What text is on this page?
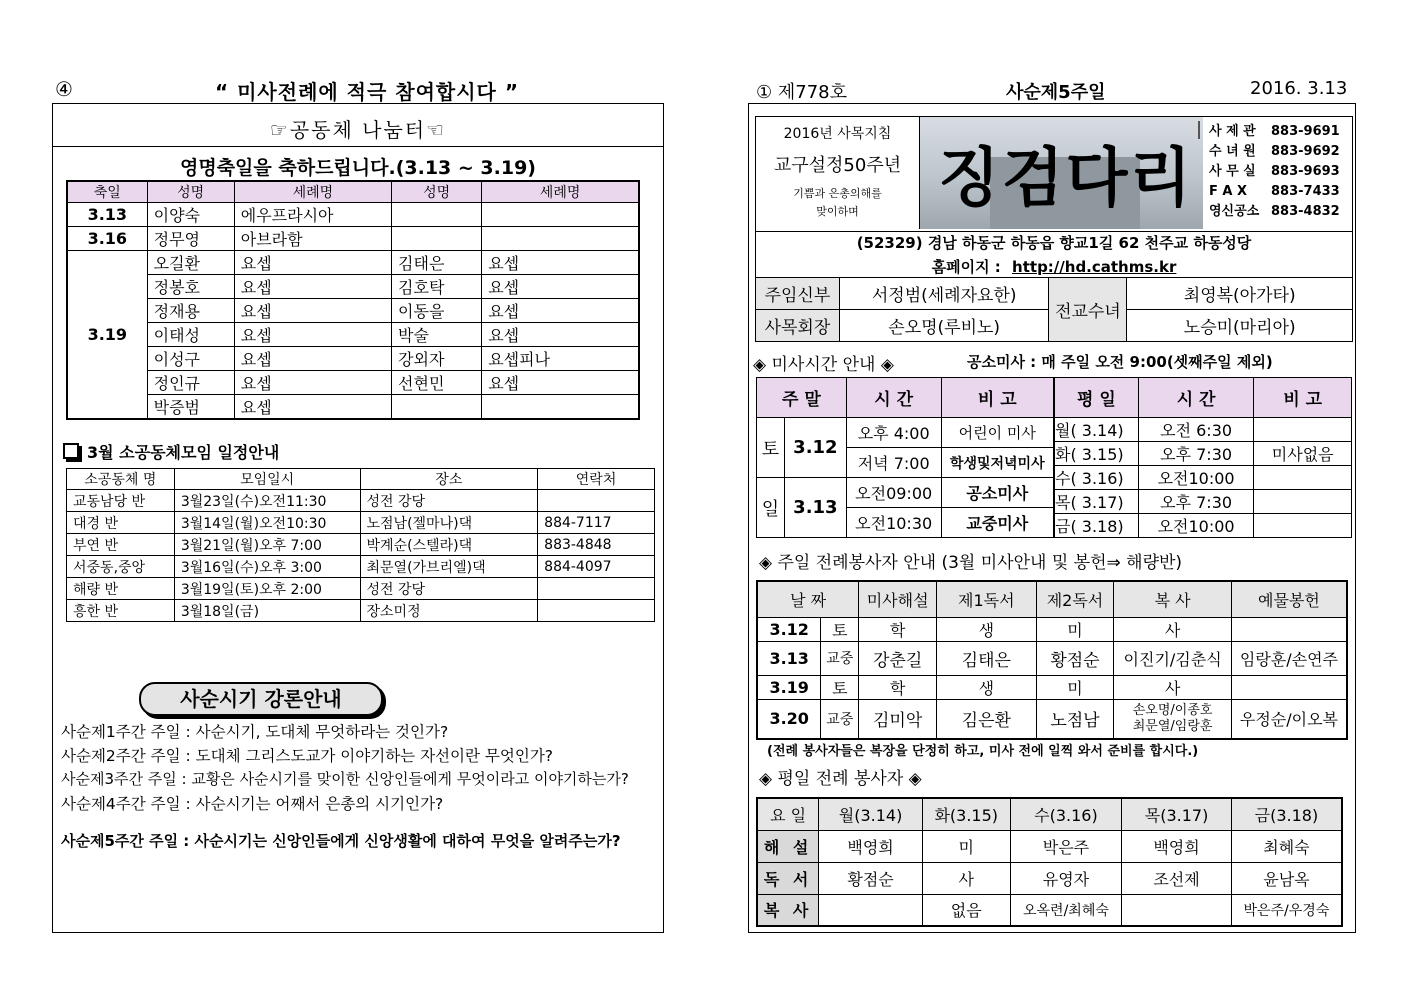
④	“ 미사전례에 적극 참여합시다 ”
☞공동체 나눔터☜
영명축일을 축하드립니다.(3.13 ~ 3.19)
축일	성명	세례명	성명	세례명
3.13	이양숙	에우프라시아		
3.16	정무영	아브라함		
3.19	오길환	요셉	김태은	요셉
	정봉호	요셉	김호탁	요셉
	정재용	요셉	이동을	요셉
	이태성	요셉	박술	요셉
	이성구	요셉	강외자	요셉피나
	정인규	요셉	선현민	요셉
	박증범	요셉		
3월 소공동체모임 일정안내
소공동체 명	모임일시	장소	연락처
교동남당 반	3월23일(수)오전11:30	성전 강당	
대경 반	3월14일(월)오전10:30	노점남(젤마나)댁	884-7117
부연 반	3월21일(월)오후 7:00	박계순(스텔라)댁	883-4848
서중동,중앙	3월16일(수)오후 3:00	최문열(가브리엘)댁	884-4097
해량 반	3월19일(토)오후 2:00	성전 강당	
흥한 반	3월18일(금)	장소미정	
사순시기 강론안내
사순제1주간 주일 : 사순시기, 도대체 무엇하라는 것인가?
사순제2주간 주일 : 도대체 그리스도교가 이야기하는 자선이란 무엇인가?
사순제3주간 주일 : 교황은 사순시기를 맞이한 신앙인들에게 무엇이라고 이야기하는가?
사순제4주간 주일 : 사순시기는 어째서 은총의 시기인가?
사순제5주간 주일 : 사순시기는 신앙인들에게 신앙생활에 대하여 무엇을 알려주는가?
① 제778호	사순제5주일	2016. 3.13
2016년 사목지침
교구설정50주년
기쁨과 은총의해를
맞이하며	징검다리
사 제 관 883-9691
수 녀 원 883-9692
사 무 실 883-9693
F A X 883-7433
영신공소 883-4832
(52329) 경남 하동군 하동읍 향교1길 62 천주교 하동성당
홈페이지 : http://hd.cathms.kr
주임신부	서정범(세례자요한)	전교수녀	최영복(아가타)
사목회장	손오명(루비노)		노승미(마리아)
◈ 미사시간 안내 ◈	공소미사 : 매 주일 오전 9:00(셋째주일 제외)
주 말		시 간	비 고
토	3.12	오후 4:00	어린이 미사
		저녁 7:00	학생및저녁미사
일	3.13	오전09:00	공소미사
		오전10:30	교중미사
평 일	시 간	비 고
월( 3.14)	오전 6:30	
화( 3.15)	오후 7:30	미사없음
수( 3.16)	오전10:00	
목( 3.17)	오후 7:30	
금( 3.18)	오전10:00	
◈ 주일 전례봉사자 안내 (3월 미사안내 및 봉헌⇒ 해량반)
날 짜		미사해설	제1독서	제2독서	복 사	예물봉헌
3.12	토	학	생	미	사	
3.13	교중	강춘길	김태은	황점순	이진기/김춘식	임랑훈/손연주
3.19	토	학	생	미	사	
3.20	교중	김미악	김은환	노점남	손오명/이종호
최문열/임랑훈	우정순/이오복
(전례 봉사자들은 복장을 단정히 하고, 미사 전에 일찍 와서 준비를 합시다.)
◈ 평일 전례 봉사자 ◈
요 일	월(3.14)	화(3.15)	수(3.16)	목(3.17)	금(3.18)
해 설	백영희	미	박은주	백영희	최혜숙
독 서	황점순	사	유영자	조선제	윤남옥
복 사		없음	오옥련/최혜숙		박은주/우경숙
